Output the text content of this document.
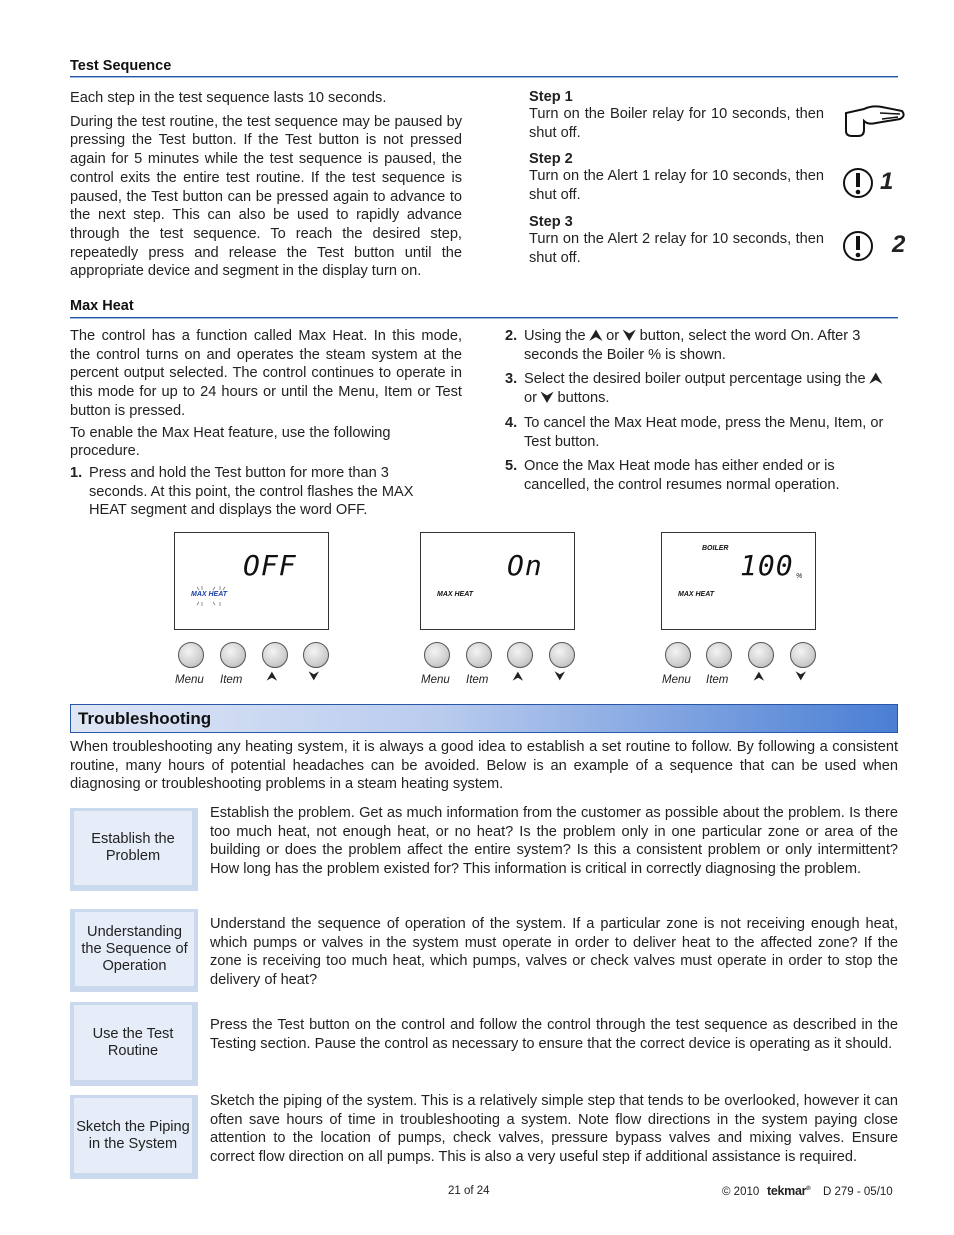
Test Sequence

Each step in the test sequence lasts 10 seconds.

During the test routine, the test sequence may be paused by pressing the Test button. If the Test button is not pressed again for 5 minutes while the test sequence is paused, the control exits the entire test routine. If the test sequence is paused, the Test button can be pressed again to advance to the next step. This can also be used to rapidly advance through the test sequence. To reach the desired step, repeatedly press and release the Test button until the appropriate device and segment in the display turn on.

Step 1

Turn on the Boiler relay for 10 seconds, then shut off.

Step 2

Turn on the Alert 1 relay for 10 seconds, then shut off.

Step 3

Turn on the Alert 2 relay for 10 seconds, then shut off.

1
2
Max Heat

The control has a function called Max Heat. In this mode, the control turns on and operates the steam system at the percent output selected. The control continues to operate in this mode for up to 24 hours or until the Menu, Item or Test button is pressed.

To enable the Max Heat feature, use the following procedure.

1. Press and hold the Test button for more than 3 seconds. At this point, the control flashes the MAX HEAT segment and displays the word OFF.
2. Using the ⮝ or ⮟ button, select the word On. After 3 seconds the Boiler % is shown.
3. Select the desired boiler output percentage using the ⮝ or ⮟ buttons.
4. To cancel the Max Heat mode, press the Menu, Item, or Test button.
5. Once the Max Heat mode has either ended or is cancelled, the control resumes normal operation.
OFF
MAX HEAT
On
MAX HEAT
BOILER
100 %
MAX HEAT
Menu Item ⮝	⮟	Menu Item ⮝	⮟	Menu Item ⮝	⮟
Troubleshooting

When troubleshooting any heating system, it is always a good idea to establish a set routine to follow. By following a consistent routine, many hours of potential headaches can be avoided. Below is an example of a sequence that can be used when diagnosing or troubleshooting problems in a steam heating system.

Establish the Problem

Establish the problem. Get as much information from the customer as possible about the problem. Is there too much heat, not enough heat, or no heat? Is the problem only in one particular zone or area of the building or does the problem affect the entire system? Is this a consistent problem or only intermittent? How long has the problem existed for? This information is critical in correctly diagnosing the problem.

Understanding the Sequence of Operation

Understand the sequence of operation of the system. If a particular zone is not receiving enough heat, which pumps or valves in the system must operate in order to deliver heat to the affected zone? If the zone is receiving too much heat, which pumps, valves or check valves must operate in order to stop the delivery of heat?

Use the Test Routine

Press the Test button on the control and follow the control through the test sequence as described in the Testing section. Pause the control as necessary to ensure that the correct device is operating as it should.

Sketch the Piping in the System

Sketch the piping of the system. This is a relatively simple step that tends to be overlooked, however it can often save hours of time in troubleshooting a system. Note flow directions in the system paying close attention to the location of pumps, check valves, pressure bypass valves and mixing valves. Ensure correct flow direction on all pumps. This is also a very useful step if additional assistance is required.

21 of 24	© 2010 tekmar® D 279 - 05/10
